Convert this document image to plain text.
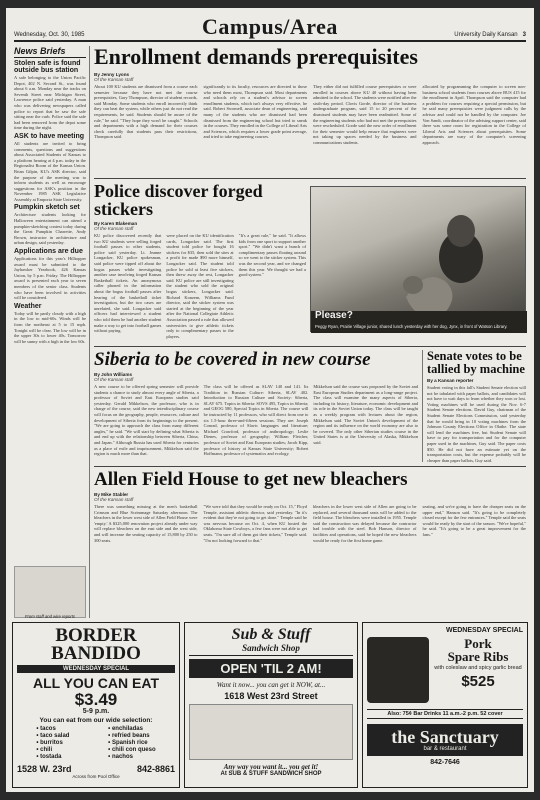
Wednesday, Oct. 30, 1985	Campus/Area	University Daily Kansan 3
News Briefs
Stolen safe is found outside bus station
A safe belonging to the Union Pacific Depot, 402 N. Second St., was found about 6 a.m. Monday near the tracks on Seventh Street near Michigan Street, Lawrence police said yesterday. A man who was delivering newspapers called police to report that he saw the safe sitting near the curb. Police said the safe had been removed from the depot some time during the night.
ASK to have meeting
All students are invited to bring comments, questions and suggestions about Associated Students of Kansas to a platform hearing at 4 p.m. today in the Regionalist Room of the Kansas Union. Brian Gilpin, KU's ASK director, said the purpose of the meeting was to inform students as well as encourage suggestions for ASK's position in the November 1985 ASK Legislative Assembly at Emporia State University.
Pumpkin sketch set
Architecture students looking for Halloween entertainment can attend a pumpkin-sketching contest today during the Great Pumpkin Charrette, Andy Brown, instructor in architecture and urban design, said yesterday.
Applications are due
Applications for this year's Hilltopper award must be submitted to the Jayhawker Yearbook, 426 Kansas Union, by 5 p.m. Friday. The Hilltopper award is presented each year to seven members of the senior class. Students who have been involved in activities will be considered.
Weather
Today will be partly cloudy with a high in the low to mid-60s. Winds will be from the northeast at 5 to 15 mph. Tonight will be clear. The low will be in the upper 30s to lower 40s. Tomorrow will be sunny with a high in the low 60s.
From staff and wire reports
Enrollment demands prerequisites
By Jenny Lyons
Of the Kansan staff
About 100 KU students are dismissed from a course each semester because they have not met the course prerequisites, Gary Thompson, director of student records, said Monday. Some students who enroll incorrectly think they can beat the system, while others just do not read the requirements, he said. Students should be aware of the rule," he said. "They hope they won't be caught." Schools and departments with a high demand for their courses check carefully that students pass their restrictions, Thompson said.
significantly to its faculty, resources are directed to those who need them most, Thompson said. Most departments and schools rely on a student's advisor to screen enrollment students, which isn't always very effective, he said. Robert Swomell, associate dean of engineering, said many of the students who are dismissed had been dismissed from the engineering school but tried to sneak in the courses. They enrolled in the College of Liberal Arts and Sciences, which requires a lower grade point average, and tried to take engineering courses.
They either did not fulfilled course prerequisites or were enrolled in courses above KU 40 without having been admitted to the school. The students were notified after the sixth-day period. Clovis Gorde, director of the business undergraduate program, said 15 to 20 percent of the dismissed students may have been readmitted. Some of the engineering students who had not met the prerequisites were rescheduled. Gorde said the new order of enrollment for their semester would help ensure that engineers were not taking up spaces needed by the business and communications students.
allocated by programming the computer to screen non-business school students from courses above BUS 415 for the enrollment in April. Thompson said the computer had a problem for courses requiring a special permission, but he said many prerequisites were judgment calls by the advisor and could not be handled by the computer. Joe Von Sandt, coordinator of the advising support center, said there was some room for registration in the College of Liberal Arts and Sciences about prerequisites. Some departments are wary of the computer's screening approach.
Police discover forged stickers
By Karen Blakeman
Of the Kansan staff
KU police discovered recently that two KU students were selling forged football passes to other students, police said yesterday. Lt. Jeanne Longacker, KU police spokesman, said police were tipped off about the bogus passes while investigating another case involving forged Kansas Basketball tickets. An anonymous caller phoned in the information about the bogus football passes after hearing of the basketball ticket investigation, but the two cases are unrelated, she said. Longacker said officers had interviewed a student who told them he had another student make a way to get into football games without paying.
were placed on the KU identification cards, Longacker said. The first student told police he bought 16 stickers for $35, then sold the sites at a profit for made $90 more himself, Longacker said. The student told police he sold at least five stickers, then threw away the rest, Longacker said. KU police are still investigating the student who sold the original bogus stickers, Longacker said. Richard Konzem, Williams Fund director, said the sticker system was started at the beginning of the year after the National Collegiate Athletic Association passed a rule that allowed universities to give athletic tickets only to complimentary passes to the players.
"It's a great rule," he said. "It allows kids from one sport to support another sport." "We didn't want a bunch of complimentary passes floating around so we went to the sticker system. This was the second year, and we changed them this year. We thought we had a good system."
Please?
Peggy Ryan, Prairie Village junior, shared lunch yesterday with her dog, Jynx, in front of Watson Library.
Siberia to be covered in new course
By John Williams
Of the Kansan staff
A new course to be offered spring semester will provide students a chance to study almost every angle of Siberia, a professor of Soviet and East European studies said yesterday. Gerald Mikkelson, the professor, who is in charge of the course, said the new interdisciplinary course will focus on the geography, people, resources, culture and development of Siberia from its beginnings to the present. "We are going to approach the class from many different angles," he said. "We will start by defining what Siberia is and end up with the relationship between Siberia, China, and Japan." Although Russia has used Siberia for centuries as a place of exile and imprisonment, Mikkelson said the region is much more than that.
The class will be offered as SLAV 140 and 141. Its Tradition in Russian Culture: Siberia, SLAV 402. Introduction to Russian Culture and Society: Siberia, SLAV 675. Topics in Siberia: SOVS 495, Topics in Siberia; and GEOG 580, Special Topics in Siberia. The course will be instructed by 11 professors, who will direct from one to six 1.5-hour three-and-fifteen sessions. They are: Joseph Conrad, professor of Slavic languages and literature; Michael Crawford, professor of anthropology; Leslie Dienes, professor of geography; William Fletcher, professor of Soviet and East European studies; Jacob Kipp, professor of history at Kansas State University; Robert Hoffmann, professor of systematics and ecology.
Mikkelson said the course was proposed by the Soviet and East European Studies department as a long-range project. The class will examine the many aspects of Siberia, including its history, literature, economic development and its role in the Soviet Union today. The class will be taught as a weekly program with lectures about the region, Mikkelson said. The Soviet Union's development of the region and its influence on the world economy are also to be covered. The only other Siberian studies course in the United States is at the University of Alaska, Mikkelson said.
Senate votes to be tallied by machine
By a Kansan reporter
Student voting in this fall's Student Senate election will not be tabulated with paper ballots, and candidates will not have to wait days to learn whether they won or lost. Voting machines will be used during the Nov. 6-7 Student Senate elections. David Guy, chairman of the Student Senate Elections Commission, said yesterday that he would bring in 10 voting machines from the Johnson County Elections Office in Olathe. The state will lend the machines free, but Student Senate will have to pay for transportation and for the computer paper used in the machines, Guy said. The paper costs $50. He did not have an estimate yet on the transportation costs, but the expense probably will be cheaper than paper ballots, Guy said.
Allen Field House to get new bleachers
By Mike Stabler
Of the Kansan staff
There was something missing at the men's basketball Crimson and Blue Scrimmage Saturday afternoon. The bleachers in the lower west side of Allen Field House were 'empty.' A $325,000 renovation project already under way will replace bleachers on the east side and the west side, and will increase the seating capacity of 15,800 by 250 to 300 seats.
"We were told that they would be ready on Oct. 15," Floyd Temple, assistant athletic director, said yesterday. "In it's evident that they're not going to get done." Temple said he was nervous because on Oct. 4, when KU hosted the Oklahoma State Cowboys, a few fans were not able to get seats. "I'm sure all of them got their tickets," Temple said. "I'm not looking forward to that."
bleachers in the lower west side of Allen are going to be replaced, and several thousand seats will be added to the field house. The bleachers were installed in 1955. Temple said the construction was delayed because the contractor had trouble with the steel. Bob Hanson, director of facilities and operations, said he hoped the new bleachers would be ready for the first home game.
seating, and we're going to have the cheaper seats on the upper end," Hanson said. "It's going to be completely closed except for the few entrances." Temple said the seats would be ready by the start of the season. "We're hopeful," he said. "It's going to be a great improvement for the fans."
BORDER
BANDIDO
WEDNESDAY SPECIAL
ALL YOU CAN EAT
$3.49
5-9 p.m.
You can eat from our wide selection:
• tacos
• taco salad
• burritos
• chili
• tostada
• enchiladas
• refried beans
• Spanish rice
• chili con queso
• nachos
1528 W. 23rd	842-8861
Across from Pool Office
Sub & Stuff
Sandwich Shop
OPEN 'TIL 2 AM!
Want it now... you can get it NOW, at...
1618 West 23rd Street
Any way you want it... you get it!
At SUB & STUFF SANDWICH SHOP
WEDNESDAY SPECIAL
Pork
Spare Ribs
with coleslaw and spicy garlic bread
$525
Also: 75¢ Bar Drinks 11 a.m.-2 p.m. 52 cover
the Sanctuary
bar & restaurant
842-7646
